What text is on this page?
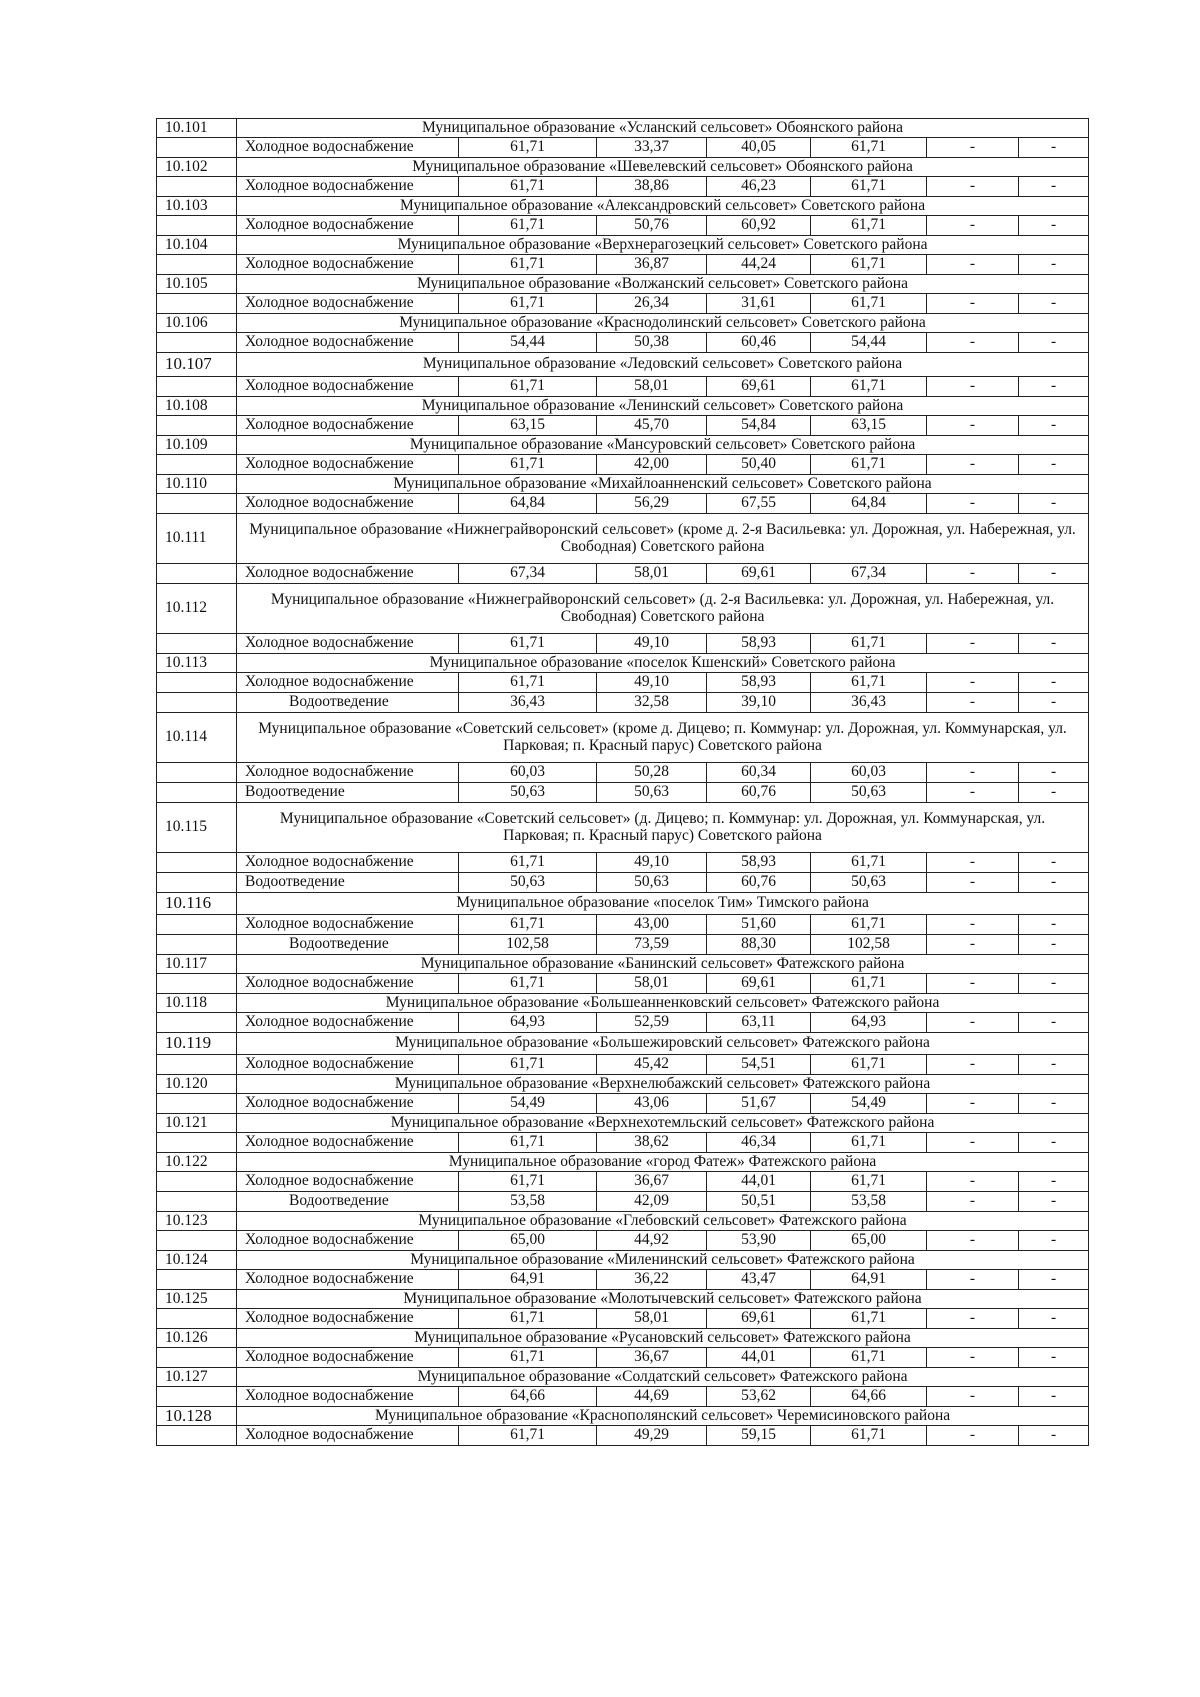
10.101	Муниципальное образование «Усланский сельсовет» Обоянского района						
	Холодное водоснабжение	61,71	33,37	40,05	61,71	-	-
10.102	Муниципальное образование «Шевелевский сельсовет» Обоянского района						
	Холодное водоснабжение	61,71	38,86	46,23	61,71	-	-
10.103	Муниципальное образование «Александровский сельсовет» Советского района						
	Холодное водоснабжение	61,71	50,76	60,92	61,71	-	-
10.104	Муниципальное образование «Верхнерагозецкий сельсовет» Советского района						
	Холодное водоснабжение	61,71	36,87	44,24	61,71	-	-
10.105	Муниципальное образование «Волжанский сельсовет» Советского района						
	Холодное водоснабжение	61,71	26,34	31,61	61,71	-	-
10.106	Муниципальное образование «Краснодолинский сельсовет» Советского района						
	Холодное водоснабжение	54,44	50,38	60,46	54,44	-	-
10.107	Муниципальное образование «Ледовский сельсовет» Советского района						
	Холодное водоснабжение	61,71	58,01	69,61	61,71	-	-
10.108	Муниципальное образование «Ленинский сельсовет» Советского района						
	Холодное водоснабжение	63,15	45,70	54,84	63,15	-	-
10.109	Муниципальное образование «Мансуровский сельсовет» Советского района						
	Холодное водоснабжение	61,71	42,00	50,40	61,71	-	-
10.110	Муниципальное образование «Михайлоанненский сельсовет» Советского района						
	Холодное водоснабжение	64,84	56,29	67,55	64,84	-	-
10.111	Муниципальное образование «Нижнеграйворонский сельсовет» (кроме д. 2-я Васильевка: ул. Дорожная, ул. Набережная, ул. Свободная) Советского района						
	Холодное водоснабжение	67,34	58,01	69,61	67,34	-	-
10.112	Муниципальное образование «Нижнеграйворонский сельсовет» (д. 2-я Васильевка: ул. Дорожная, ул. Набережная, ул. Свободная) Советского района						
	Холодное водоснабжение	61,71	49,10	58,93	61,71	-	-
10.113	Муниципальное образование «поселок Кшенский» Советского района						
	Холодное водоснабжение	61,71	49,10	58,93	61,71	-	-
	Водоотведение	36,43	32,58	39,10	36,43	-	-
10.114	Муниципальное образование «Советский сельсовет» (кроме д. Дицево; п. Коммунар: ул. Дорожная, ул. Коммунарская, ул. Парковая; п. Красный парус) Советского района						
	Холодное водоснабжение	60,03	50,28	60,34	60,03	-	-
	Водоотведение	50,63	50,63	60,76	50,63	-	-
10.115	Муниципальное образование «Советский сельсовет» (д. Дицево; п. Коммунар: ул. Дорожная, ул. Коммунарская, ул. Парковая; п. Красный парус) Советского района						
	Холодное водоснабжение	61,71	49,10	58,93	61,71	-	-
	Водоотведение	50,63	50,63	60,76	50,63	-	-
10.116	Муниципальное образование «поселок Тим» Тимского района						
	Холодное водоснабжение	61,71	43,00	51,60	61,71	-	-
	Водоотведение	102,58	73,59	88,30	102,58	-	-
10.117	Муниципальное образование «Банинский сельсовет» Фатежского района						
	Холодное водоснабжение	61,71	58,01	69,61	61,71	-	-
10.118	Муниципальное образование «Большеанненковский сельсовет» Фатежского района						
	Холодное водоснабжение	64,93	52,59	63,11	64,93	-	-
10.119	Муниципальное образование «Большежировский сельсовет» Фатежского района						
	Холодное водоснабжение	61,71	45,42	54,51	61,71	-	-
10.120	Муниципальное образование «Верхнелюбажский сельсовет» Фатежского района						
	Холодное водоснабжение	54,49	43,06	51,67	54,49	-	-
10.121	Муниципальное образование «Верхнехотемльский сельсовет» Фатежского района						
	Холодное водоснабжение	61,71	38,62	46,34	61,71	-	-
10.122	Муниципальное образование «город Фатеж» Фатежского района						
	Холодное водоснабжение	61,71	36,67	44,01	61,71	-	-
	Водоотведение	53,58	42,09	50,51	53,58	-	-
10.123	Муниципальное образование «Глебовский сельсовет» Фатежского района						
	Холодное водоснабжение	65,00	44,92	53,90	65,00	-	-
10.124	Муниципальное образование «Миленинский сельсовет» Фатежского района						
	Холодное водоснабжение	64,91	36,22	43,47	64,91	-	-
10.125	Муниципальное образование «Молотычевский сельсовет» Фатежского района						
	Холодное водоснабжение	61,71	58,01	69,61	61,71	-	-
10.126	Муниципальное образование «Русановский сельсовет» Фатежского района						
	Холодное водоснабжение	61,71	36,67	44,01	61,71	-	-
10.127	Муниципальное образование «Солдатский сельсовет» Фатежского района						
	Холодное водоснабжение	64,66	44,69	53,62	64,66	-	-
10.128	Муниципальное образование «Краснополянский сельсовет» Черемисиновского района						
	Холодное водоснабжение	61,71	49,29	59,15	61,71	-	-
